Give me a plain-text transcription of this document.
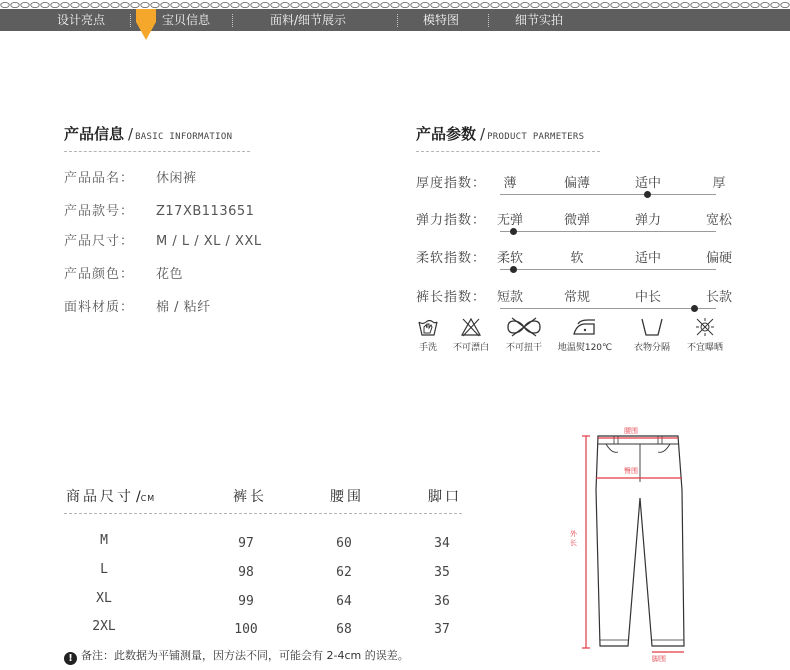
设计亮点	宝贝信息	面料/细节展示	模特图	细节实拍
产品信息 / BASIC INFORMATION
产品品名： 休闲裤
产品款号： Z17XB113651
产品尺寸： M / L / XL / XXL
产品颜色： 花色
面料材质： 棉 / 粘纤
产品参数 / PRODUCT PARMETERS
厚度指数：	薄	偏薄	适中	厚
弹力指数： 无弹	微弹	弹力	宽松
柔软指数： 柔软	软	适中	偏硬
裤长指数： 短款	常规	中长	长款
手洗	不可漂白	不可扭干	地温熨120℃	衣物分隔	不宜曝晒
商品尺寸 /CM	裤长	腰围	脚口
M	97	60	34
L	98	62	35
XL	99	64	36
2XL	100	68	37
! 备注：此数据为平铺测量，因方法不同，可能会有 2-4cm 的误差。
腰围
臀围
外长
脚围
